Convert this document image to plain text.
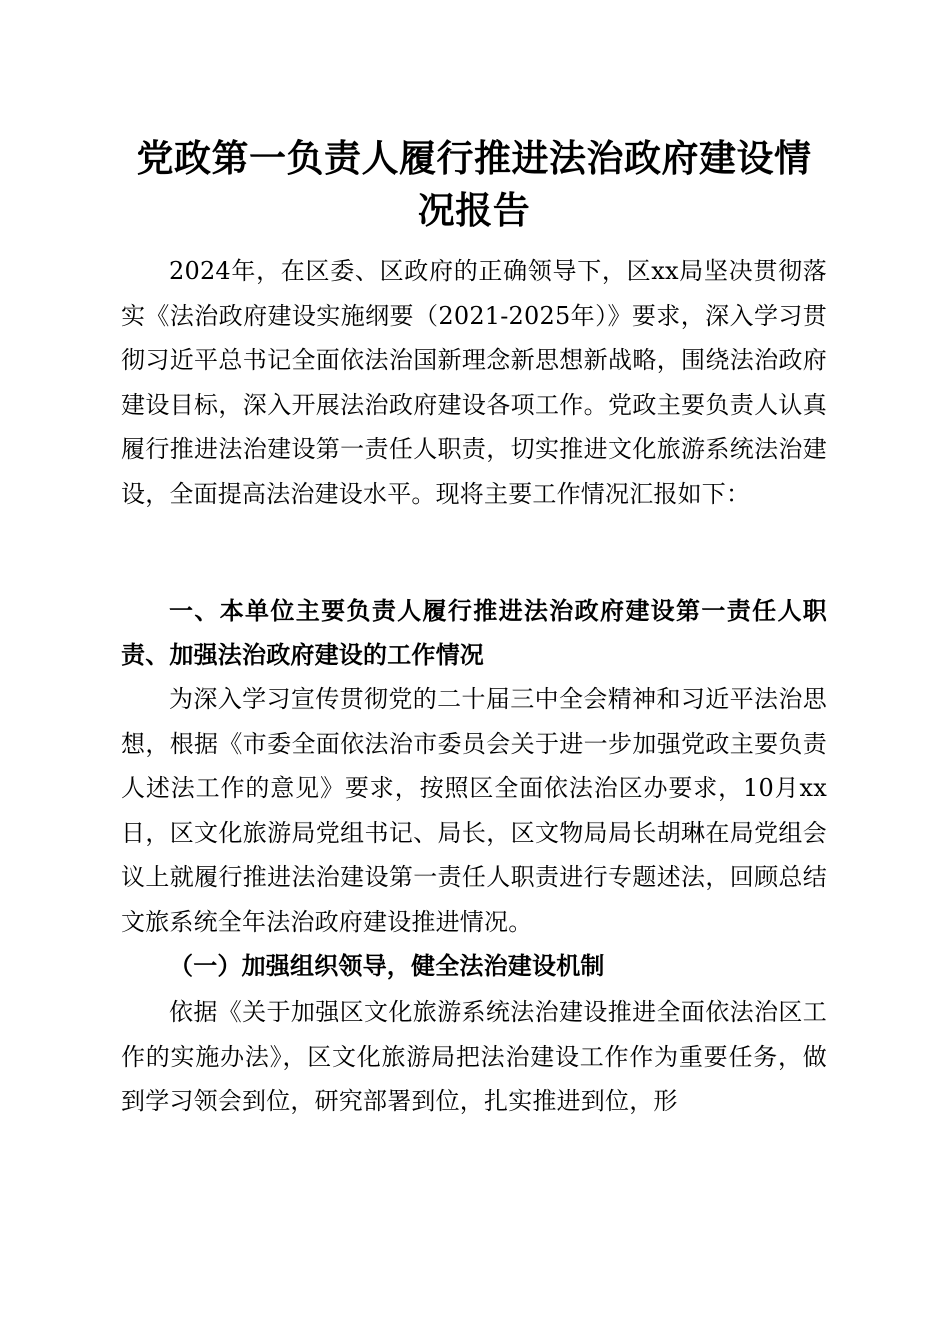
党政第一负责人履行推进法治政府建设情况报告

2024年，在区委、区政府的正确领导下，区xx局坚决贯彻落实《法治政府建设实施纲要（2021-2025年）》要求，深入学习贯彻习近平总书记全面依法治国新理念新思想新战略，围绕法治政府建设目标，深入开展法治政府建设各项工作。党政主要负责人认真履行推进法治建设第一责任人职责，切实推进文化旅游系统法治建设，全面提高法治建设水平。现将主要工作情况汇报如下：

一、本单位主要负责人履行推进法治政府建设第一责任人职责、加强法治政府建设的工作情况

为深入学习宣传贯彻党的二十届三中全会精神和习近平法治思想，根据《市委全面依法治市委员会关于进一步加强党政主要负责人述法工作的意见》要求，按照区全面依法治区办要求，10月xx日，区文化旅游局党组书记、局长，区文物局局长胡琳在局党组会议上就履行推进法治建设第一责任人职责进行专题述法，回顾总结文旅系统全年法治政府建设推进情况。

（一）加强组织领导，健全法治建设机制

依据《关于加强区文化旅游系统法治建设推进全面依法治区工作的实施办法》，区文化旅游局把法治建设工作作为重要任务，做到学习领会到位，研究部署到位，扎实推进到位，形
